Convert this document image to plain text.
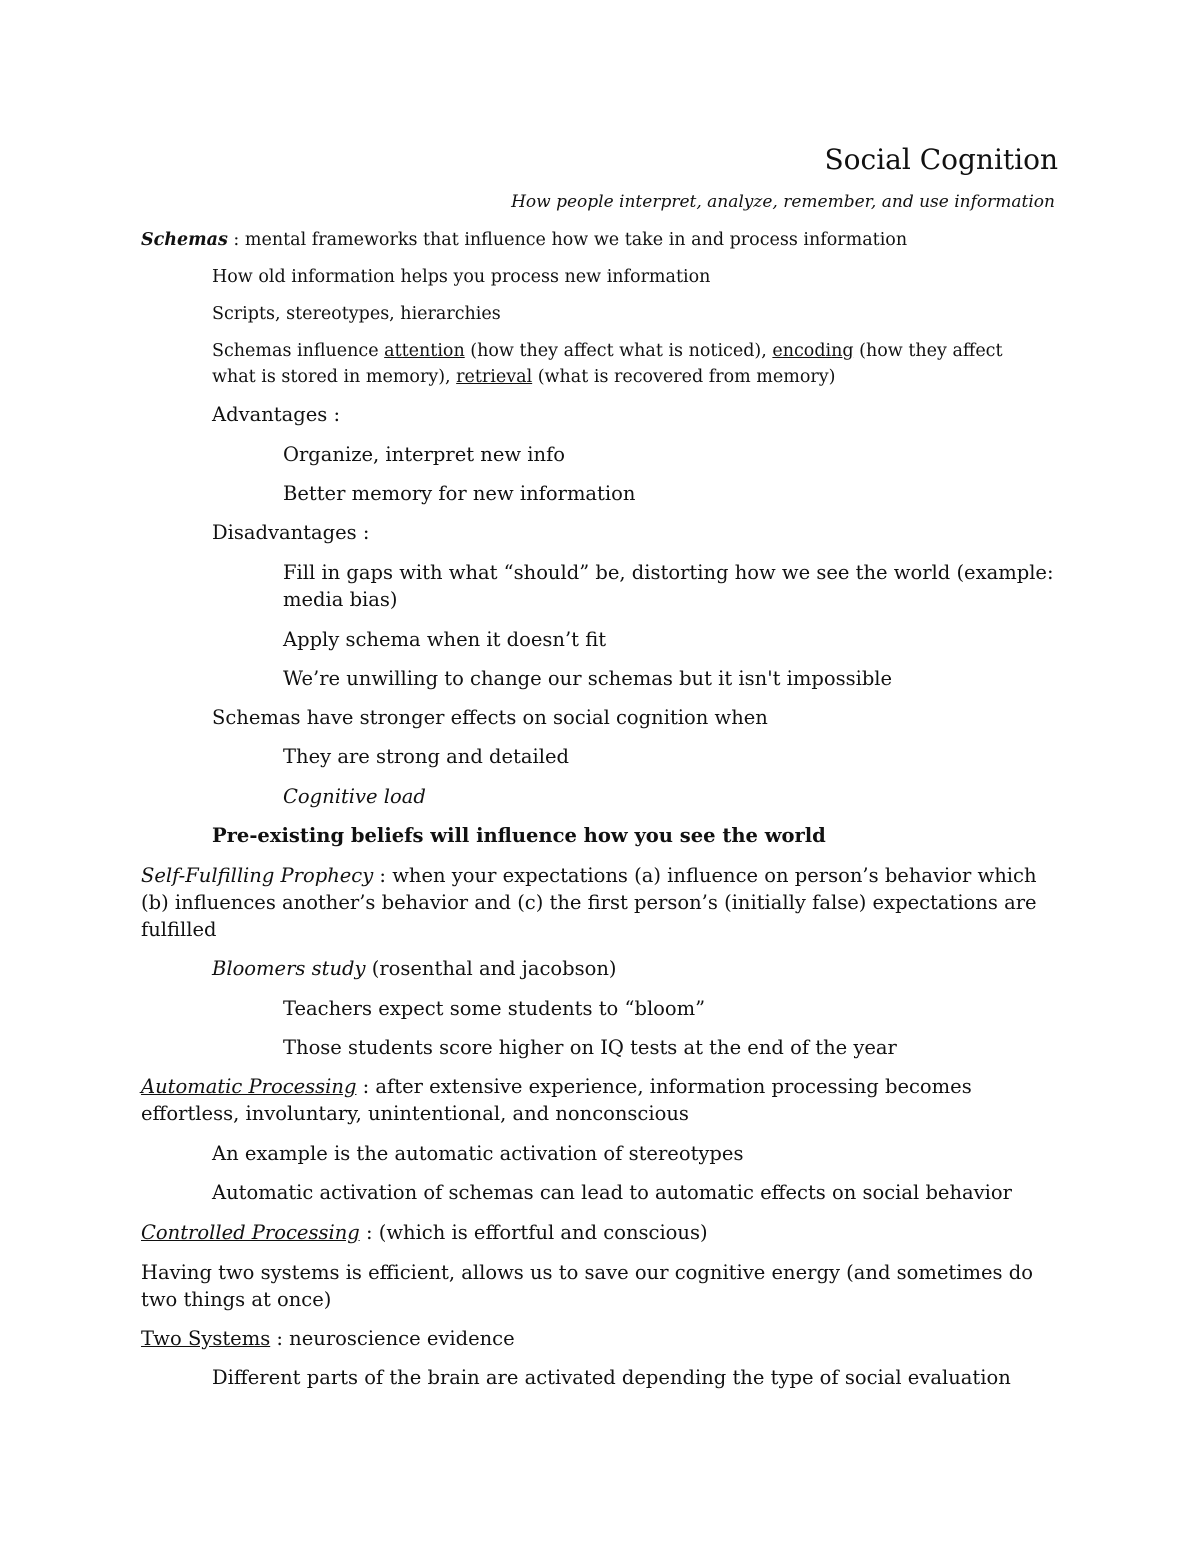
Social Cognition
How people interpret, analyze, remember, and use information
Schemas : mental frameworks that influence how we take in and process information
How old information helps you process new information
Scripts, stereotypes, hierarchies
Schemas influence attention (how they affect what is noticed), encoding (how they affect
what is stored in memory), retrieval (what is recovered from memory)
Advantages :
Organize, interpret new info
Better memory for new information
Disadvantages :
Fill in gaps with what “should” be, distorting how we see the world (example:
media bias)
Apply schema when it doesn’t fit
We’re unwilling to change our schemas but it isn't impossible
Schemas have stronger effects on social cognition when
They are strong and detailed
Cognitive load
Pre-existing beliefs will influence how you see the world
Self-Fulfilling Prophecy : when your expectations (a) influence on person’s behavior which
(b) influences another’s behavior and (c) the first person’s (initially false) expectations are
fulfilled
Bloomers study (rosenthal and jacobson)
Teachers expect some students to “bloom”
Those students score higher on IQ tests at the end of the year
Automatic Processing : after extensive experience, information processing becomes
effortless, involuntary, unintentional, and nonconscious
An example is the automatic activation of stereotypes
Automatic activation of schemas can lead to automatic effects on social behavior
Controlled Processing : (which is effortful and conscious)
Having two systems is efficient, allows us to save our cognitive energy (and sometimes do
two things at once)
Two Systems : neuroscience evidence
Different parts of the brain are activated depending the type of social evaluation
